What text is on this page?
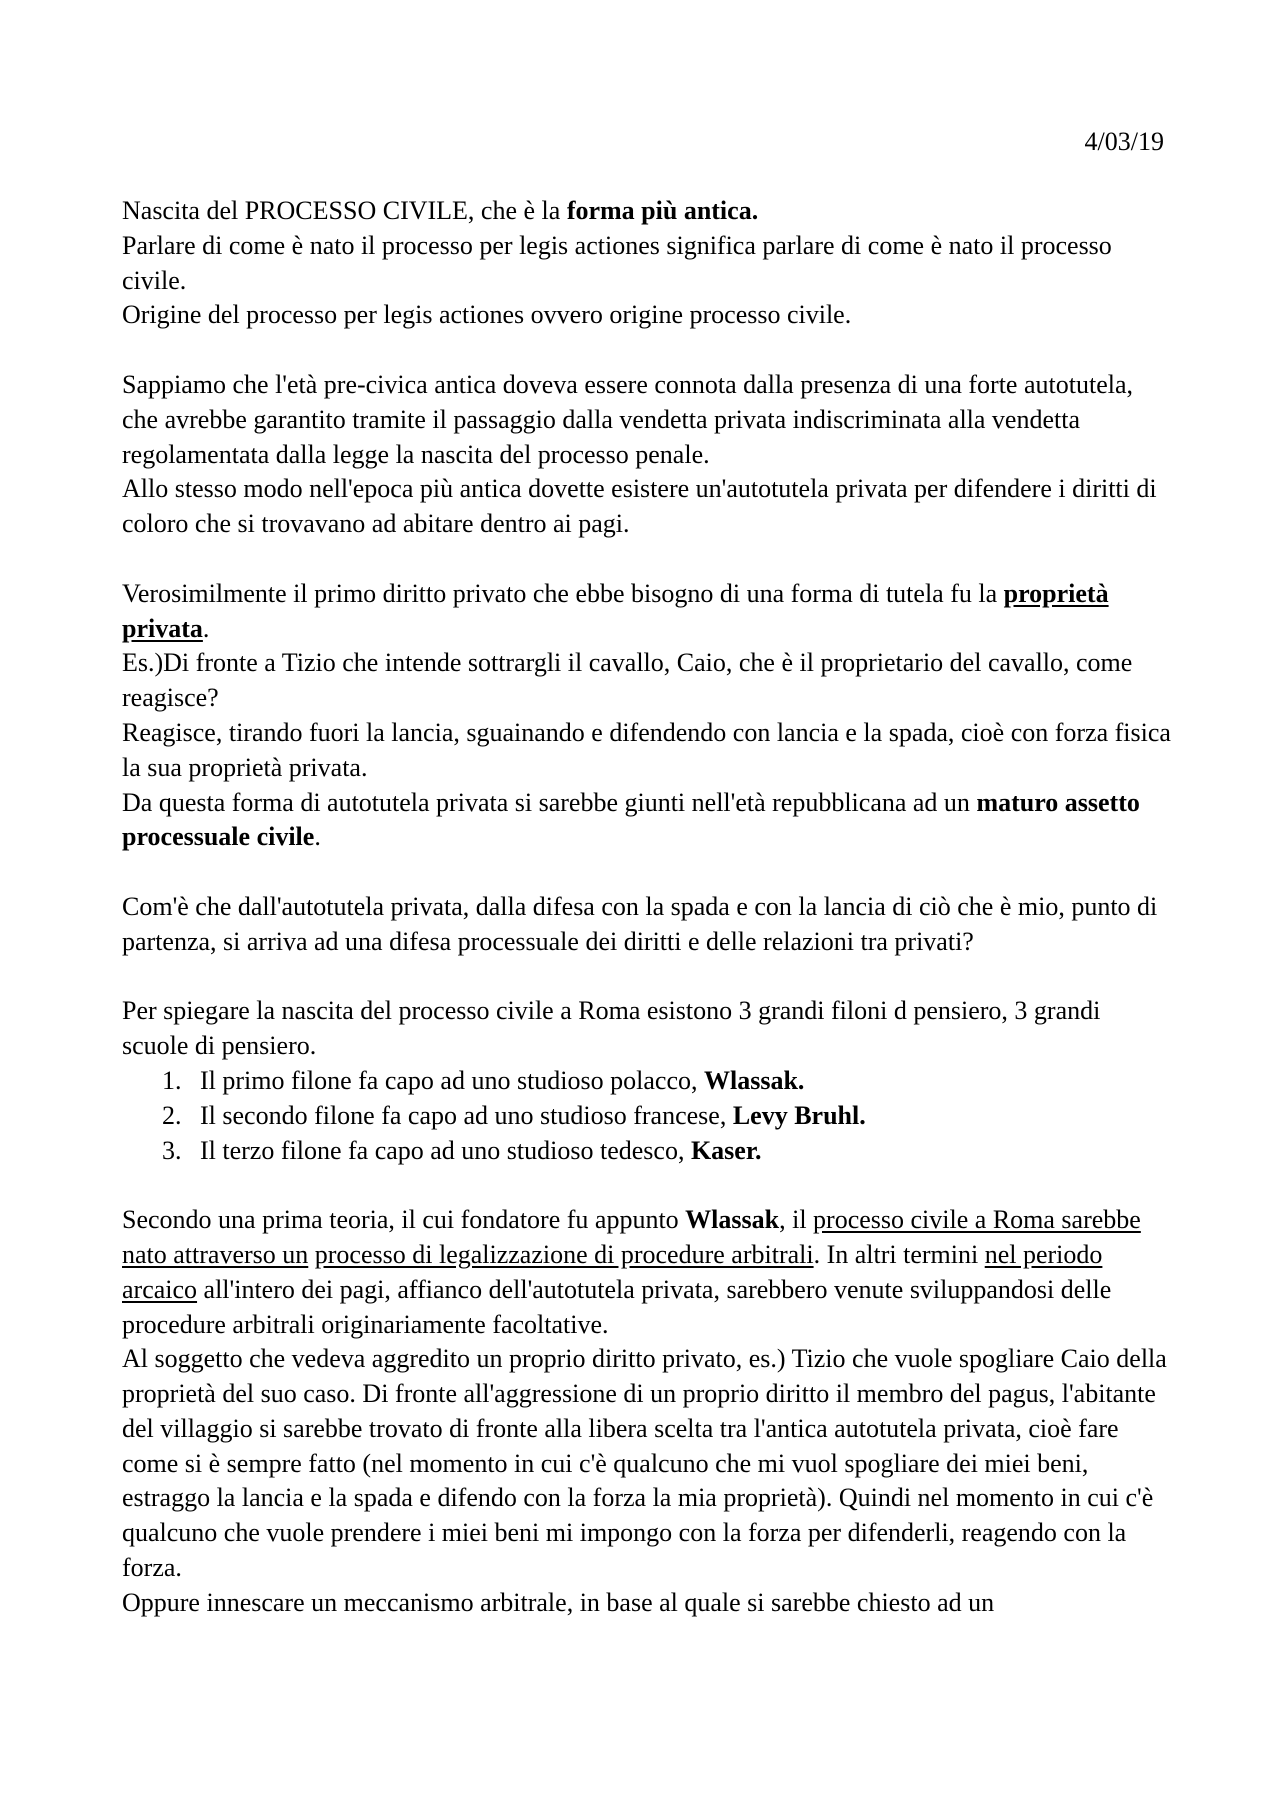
4/03/19

Nascita del PROCESSO CIVILE, che è la forma più antica.

Parlare di come è nato il processo per legis actiones significa parlare di come è nato il processo civile.

Origine del processo per legis actiones ovvero origine processo civile.

Sappiamo che l'età pre-civica antica doveva essere connota dalla presenza di una forte autotutela, che avrebbe garantito tramite il passaggio dalla vendetta privata indiscriminata alla vendetta regolamentata dalla legge la nascita del processo penale.

Allo stesso modo nell'epoca più antica dovette esistere un'autotutela privata per difendere i diritti di coloro che si trovavano ad abitare dentro ai pagi.

Verosimilmente il primo diritto privato che ebbe bisogno di una forma di tutela fu la proprietà privata.

Es.)Di fronte a Tizio che intende sottrargli il cavallo, Caio, che è il proprietario del cavallo, come reagisce?

Reagisce, tirando fuori la lancia, sguainando e difendendo con lancia e la spada, cioè con forza fisica la sua proprietà privata.

Da questa forma di autotutela privata si sarebbe giunti nell'età repubblicana ad un maturo assetto processuale civile.

Com'è che dall'autotutela privata, dalla difesa con la spada e con la lancia di ciò che è mio, punto di partenza, si arriva ad una difesa processuale dei diritti e delle relazioni tra privati?

Per spiegare la nascita del processo civile a Roma esistono 3 grandi filoni d pensiero, 3 grandi scuole di pensiero.

1. Il primo filone fa capo ad uno studioso polacco, Wlassak.
2. Il secondo filone fa capo ad uno studioso francese, Levy Bruhl.
3. Il terzo filone fa capo ad uno studioso tedesco, Kaser.

Secondo una prima teoria, il cui fondatore fu appunto Wlassak, il processo civile a Roma sarebbe nato attraverso un processo di legalizzazione di procedure arbitrali. In altri termini nel periodo arcaico all'intero dei pagi, affianco dell'autotutela privata, sarebbero venute sviluppandosi delle procedure arbitrali originariamente facoltative.

Al soggetto che vedeva aggredito un proprio diritto privato, es.) Tizio che vuole spogliare Caio della proprietà del suo caso. Di fronte all'aggressione di un proprio diritto il membro del pagus, l'abitante del villaggio si sarebbe trovato di fronte alla libera scelta tra l'antica autotutela privata, cioè fare come si è sempre fatto (nel momento in cui c'è qualcuno che mi vuol spogliare dei miei beni, estraggo la lancia e la spada e difendo con la forza la mia proprietà). Quindi nel momento in cui c'è qualcuno che vuole prendere i miei beni mi impongo con la forza per difenderli, reagendo con la forza.

Oppure innescare un meccanismo arbitrale, in base al quale si sarebbe chiesto ad un
